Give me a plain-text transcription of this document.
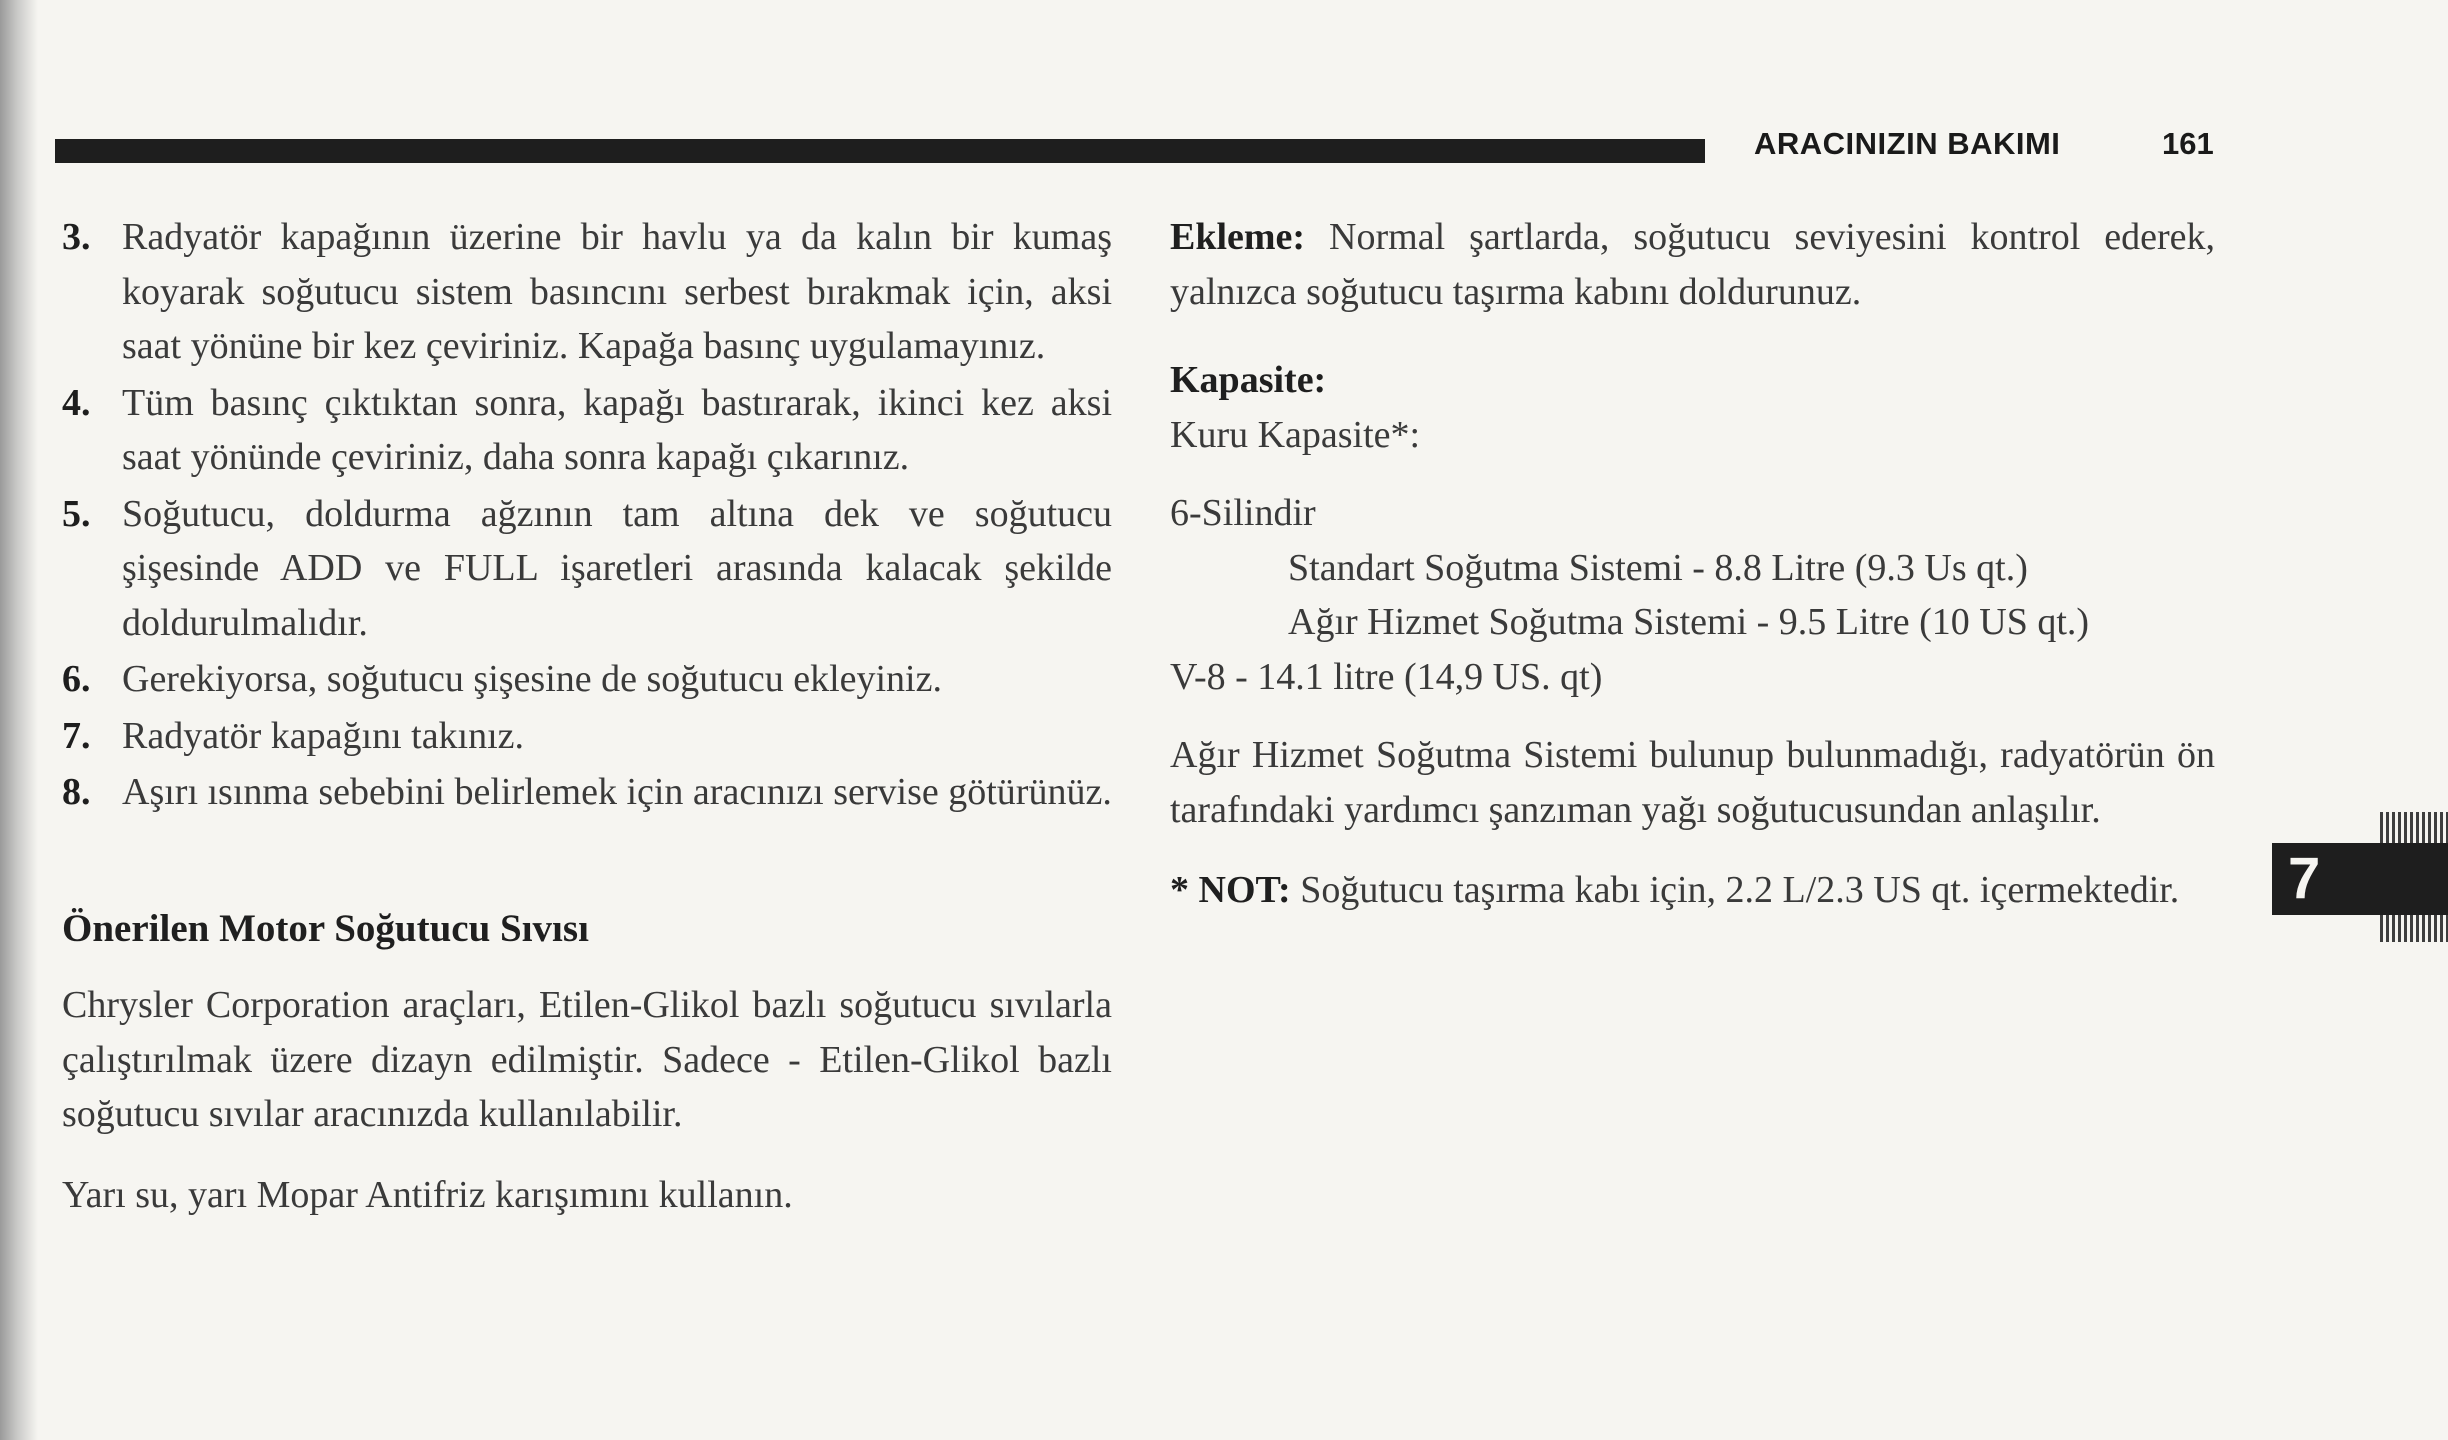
ARACINIZIN BAKIMI	161
3. Radyatör kapağının üzerine bir havlu ya da kalın bir kumaş koyarak soğutucu sistem basıncını serbest bırakmak için, aksi saat yönüne bir kez çeviriniz. Kapağa basınç uygulamayınız.
4. Tüm basınç çıktıktan sonra, kapağı bastırarak, ikinci kez aksi saat yönünde çeviriniz, daha sonra kapağı çıkarınız.
5. Soğutucu, doldurma ağzının tam altına dek ve soğutucu şişesinde ADD ve FULL işaretleri arasında kalacak şekilde doldurulmalıdır.
6. Gerekiyorsa, soğutucu şişesine de soğutucu ekleyiniz.
7. Radyatör kapağını takınız.
8. Aşırı ısınma sebebini belirlemek için aracınızı servise götürünüz.
Önerilen Motor Soğutucu Sıvısı

Chrysler Corporation araçları, Etilen-Glikol bazlı soğutucu sıvılarla çalıştırılmak üzere dizayn edilmiştir. Sadece - Etilen-Glikol bazlı soğutucu sıvılar aracınızda kullanılabilir.

Yarı su, yarı Mopar Antifriz karışımını kullanın.

Ekleme: Normal şartlarda, soğutucu seviyesini kontrol ederek, yalnızca soğutucu taşırma kabını doldurunuz.

Kapasite:
Kuru Kapasite*:
6-Silindir
Standart Soğutma Sistemi - 8.8 Litre (9.3 Us qt.)
Ağır Hizmet Soğutma Sistemi - 9.5 Litre (10 US qt.)
V-8 - 14.1 litre (14,9 US. qt)

Ağır Hizmet Soğutma Sistemi bulunup bulunmadığı, radyatörün ön tarafındaki yardımcı şanzıman yağı soğutucusundan anlaşılır.

* NOT: Soğutucu taşırma kabı için, 2.2 L/2.3 US qt. içermektedir.	7
